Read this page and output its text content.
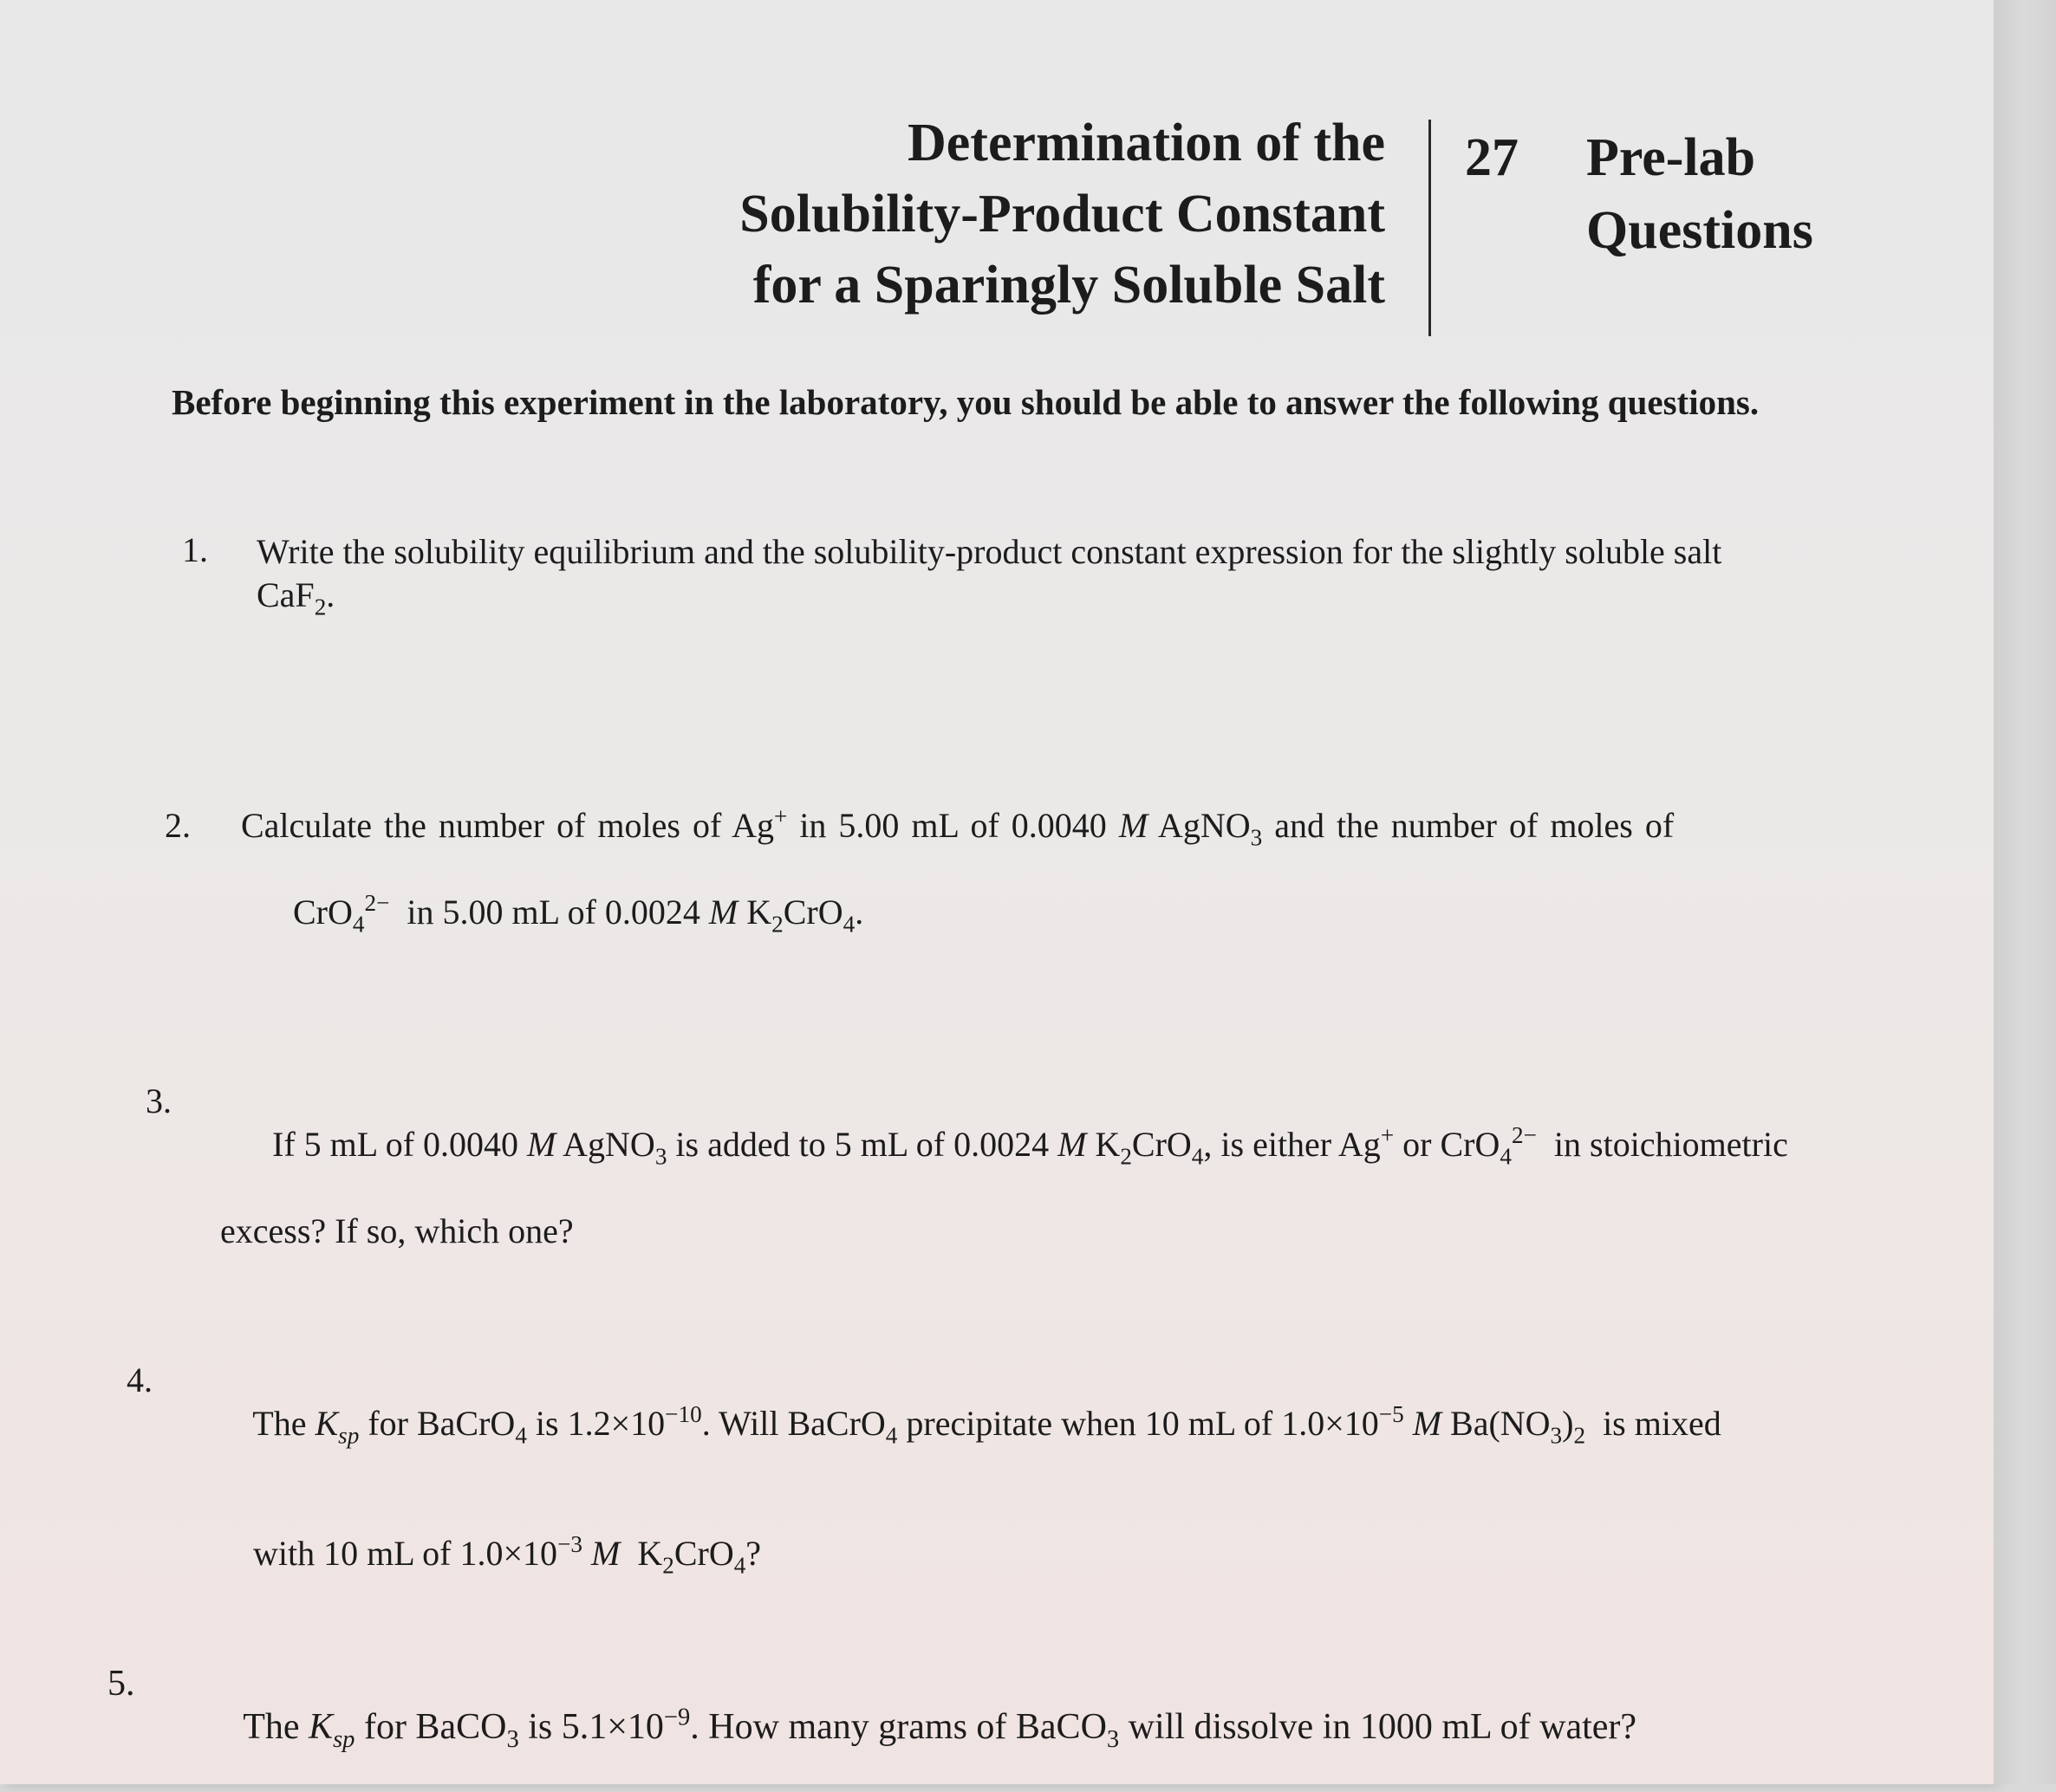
Determination of the
Solubility-Product Constant
for a Sparingly Soluble Salt
27 Pre-lab
Questions
Before beginning this experiment in the laboratory, you should be able to answer the following questions.
1. Write the solubility equilibrium and the solubility-product constant expression for the slightly soluble salt
CaF$_2$.
2. Calculate the number of moles of Ag+ in 5.00 mL of 0.0040 M AgNO$_3$ and the number of moles of

CrO$_4^{2-}$  in 5.00 mL of 0.0024 M $K_2CrO_4$.

3.

If 5 mL of 0.0040 M AgNO$_3$ is added to 5 mL of 0.0024 M $K_2CrO_4$, is either Ag+ or CrO$_4^{2-}$  in stoichiometric

excess? If so, which one?
4.

The $K_{sp}$ for BaCrO$_4$ is $1.2\times 10^{-10}$. Will BaCrO$_4$ precipitate when 10 mL of $1.0\times 10^{-5}$ M $Ba(NO_3)_2$  is mixed

with 10 mL of $1.0\times 10^{-3}$ M  $K_2CrO_4$?

5.

The $K_{sp}$ for BaCO$_3$ is $5.1\times 10^{-9}$. How many grams of BaCO$_3$ will dissolve in 1000 mL of water?
